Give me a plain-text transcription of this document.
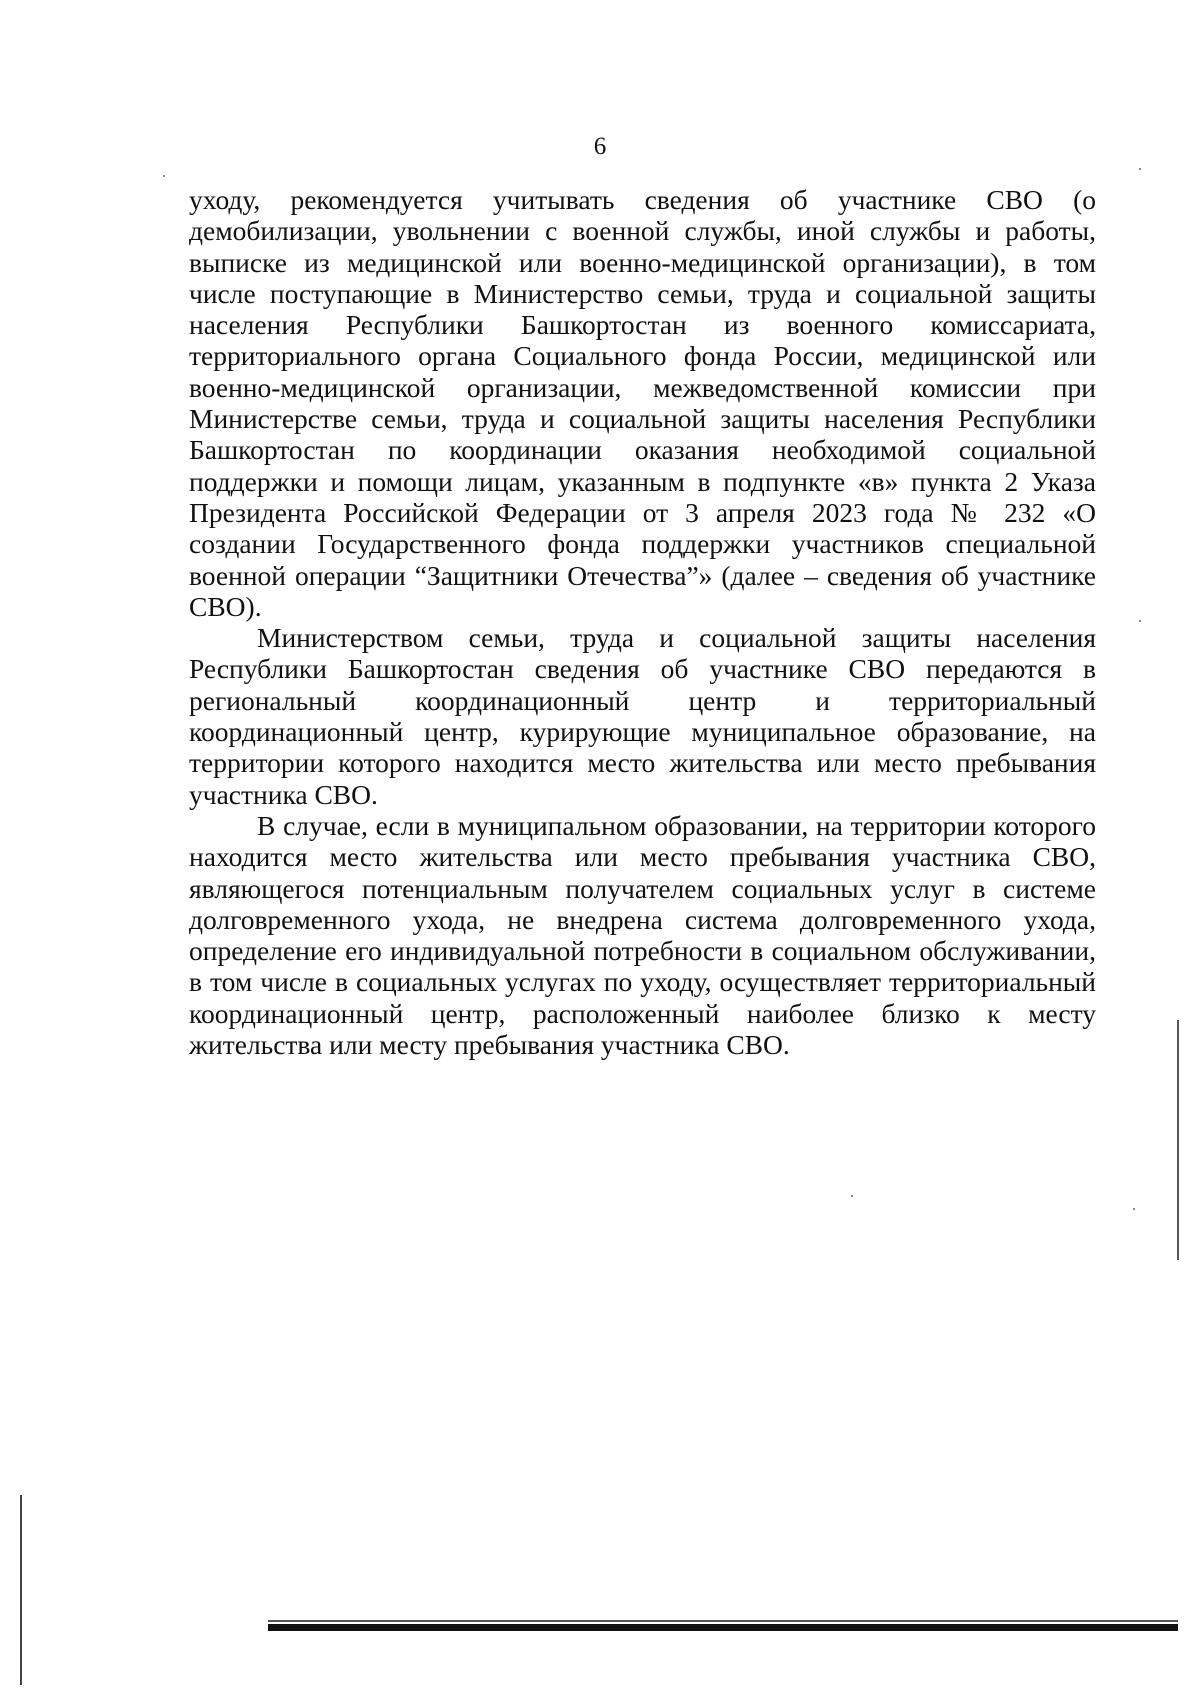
6

уходу, рекомендуется учитывать сведения об участнике СВО (о демобилизации, увольнении с военной службы, иной службы и работы, выписке из медицинской или военно-медицинской организации), в том числе поступающие в Министерство семьи, труда и социальной защиты населения Республики Башкортостан из военного комиссариата, территориального органа Социального фонда России, медицинской или военно-медицинской организации, межведомственной комиссии при Министерстве семьи, труда и социальной защиты населения Республики Башкортостан по координации оказания необходимой социальной поддержки и помощи лицам, указанным в подпункте «в» пункта 2 Указа Президента Российской Федерации от 3 апреля 2023 года № 232 «О создании Государственного фонда поддержки участников специальной военной операции “Защитники Отечества”» (далее – сведения об участнике СВО).

Министерством семьи, труда и социальной защиты населения Республики Башкортостан сведения об участнике СВО передаются в региональный координационный центр и территориальный координационный центр, курирующие муниципальное образование, на территории которого находится место жительства или место пребывания участника СВО.

В случае, если в муниципальном образовании, на территории которого находится место жительства или место пребывания участника СВО, являющегося потенциальным получателем социальных услуг в системе долговременного ухода, не внедрена система долговременного ухода, определение его индивидуальной потребности в социальном обслуживании, в том числе в социальных услугах по уходу, осуществляет территориальный координационный центр, расположенный наиболее близко к месту жительства или месту пребывания участника СВО.
